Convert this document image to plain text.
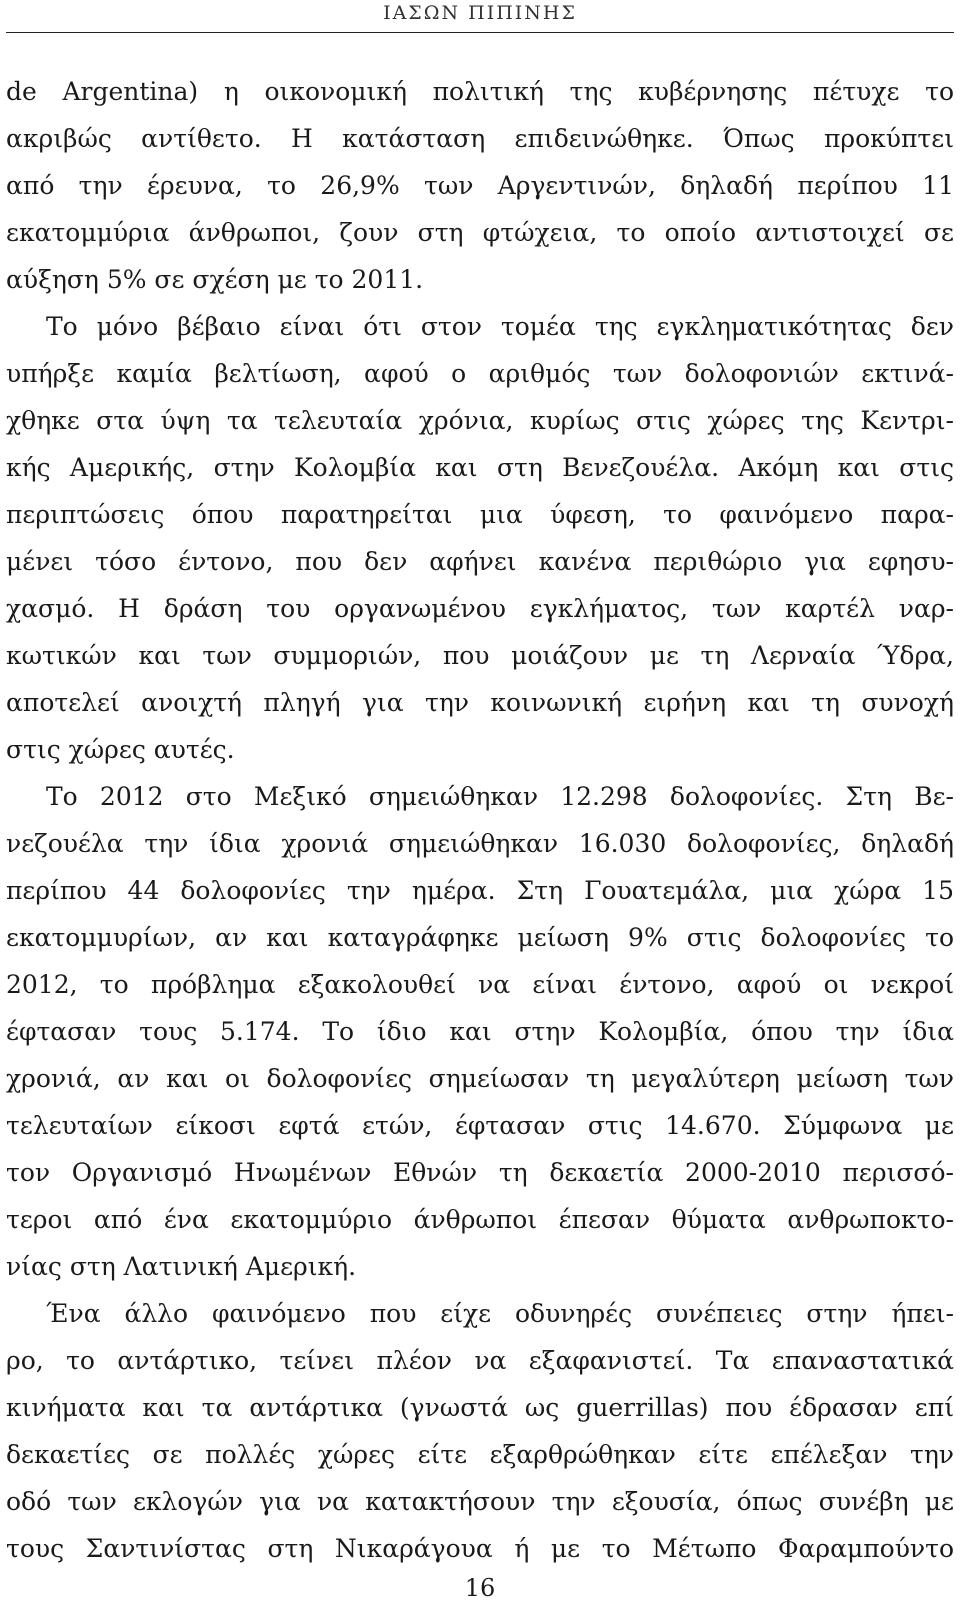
ΙΑΣΩΝ ΠΙΠΙΝΗΣ
de Argentina) η οικονομική πολιτική της κυβέρνησης πέτυχε το
ακριβώς αντίθετο. Η κατάσταση επιδεινώθηκε. Όπως προκύπτει
από την έρευνα, το 26,9% των Αργεντινών, δηλαδή περίπου 11
εκατομμύρια άνθρωποι, ζουν στη φτώχεια, το οποίο αντιστοιχεί σε
αύξηση 5% σε σχέση με το 2011.
Το μόνο βέβαιο είναι ότι στον τομέα της εγκληματικότητας δεν
υπήρξε καμία βελτίωση, αφού ο αριθμός των δολοφονιών εκτινά-
χθηκε στα ύψη τα τελευταία χρόνια, κυρίως στις χώρες της Κεντρι-
κής Αμερικής, στην Κολομβία και στη Βενεζουέλα. Ακόμη και στις
περιπτώσεις όπου παρατηρείται μια ύφεση, το φαινόμενο παρα-
μένει τόσο έντονο, που δεν αφήνει κανένα περιθώριο για εφησυ-
χασμό. Η δράση του οργανωμένου εγκλήματος, των καρτέλ ναρ-
κωτικών και των συμμοριών, που μοιάζουν με τη Λερναία Ύδρα,
αποτελεί ανοιχτή πληγή για την κοινωνική ειρήνη και τη συνοχή
στις χώρες αυτές.
Το 2012 στο Μεξικό σημειώθηκαν 12.298 δολοφονίες. Στη Βε-
νεζουέλα την ίδια χρονιά σημειώθηκαν 16.030 δολοφονίες, δηλαδή
περίπου 44 δολοφονίες την ημέρα. Στη Γουατεμάλα, μια χώρα 15
εκατομμυρίων, αν και καταγράφηκε μείωση 9% στις δολοφονίες το
2012, το πρόβλημα εξακολουθεί να είναι έντονο, αφού οι νεκροί
έφτασαν τους 5.174. Το ίδιο και στην Κολομβία, όπου την ίδια
χρονιά, αν και οι δολοφονίες σημείωσαν τη μεγαλύτερη μείωση των
τελευταίων είκοσι εφτά ετών, έφτασαν στις 14.670. Σύμφωνα με
τον Οργανισμό Ηνωμένων Εθνών τη δεκαετία 2000-2010 περισσό-
τεροι από ένα εκατομμύριο άνθρωποι έπεσαν θύματα ανθρωποκτο-
νίας στη Λατινική Αμερική.
Ένα άλλο φαινόμενο που είχε οδυνηρές συνέπειες στην ήπει-
ρο, το αντάρτικο, τείνει πλέον να εξαφανιστεί. Τα επαναστατικά
κινήματα και τα αντάρτικα (γνωστά ως guerrillas) που έδρασαν επί
δεκαετίες σε πολλές χώρες είτε εξαρθρώθηκαν είτε επέλεξαν την
οδό των εκλογών για να κατακτήσουν την εξουσία, όπως συνέβη με
τους Σαντινίστας στη Νικαράγουα ή με το Μέτωπο Φαραμπούντο
16
